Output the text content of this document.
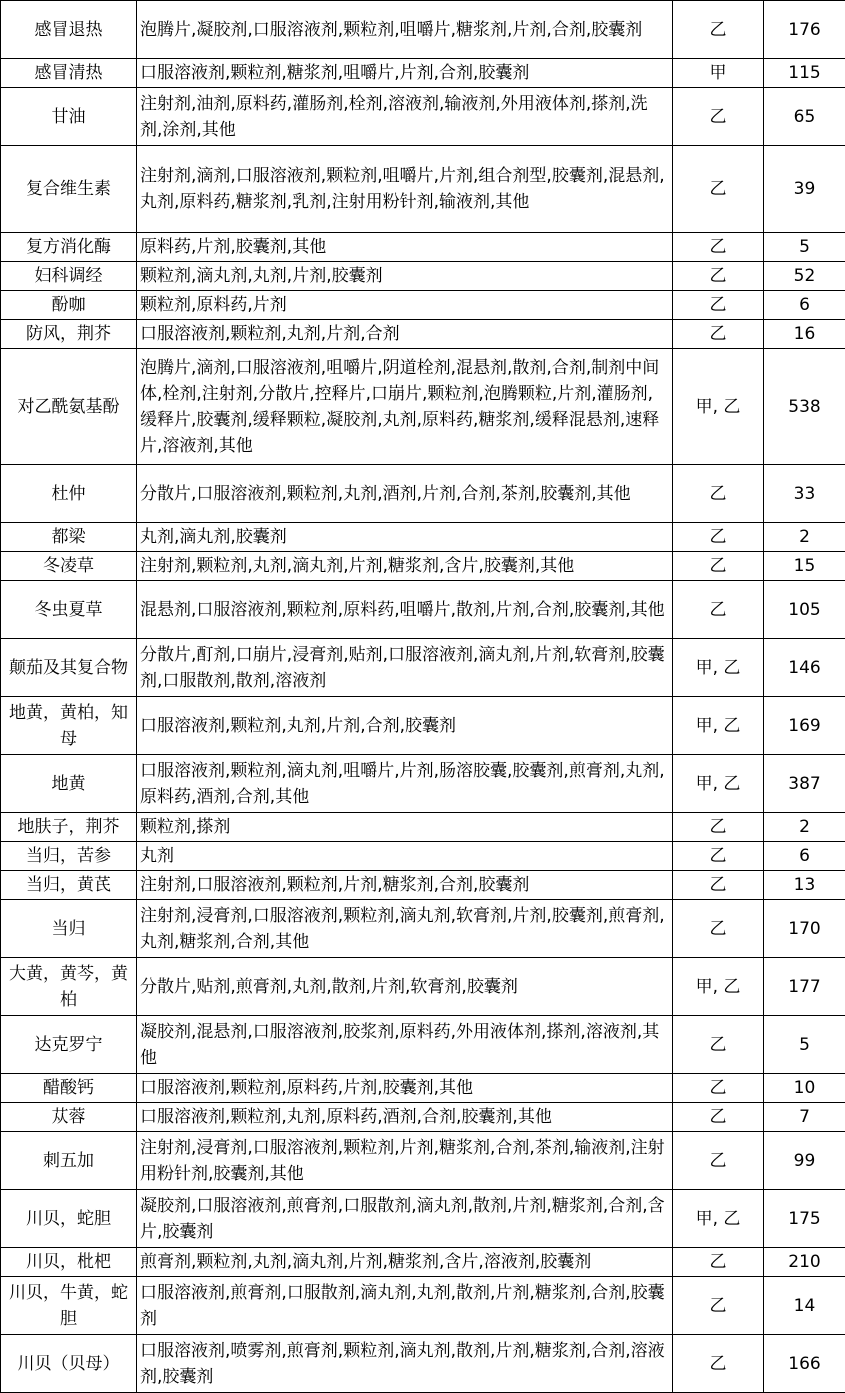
感冒退热	泡腾片,凝胶剂,口服溶液剂,颗粒剂,咀嚼片,糖浆剂,片剂,合剂,胶囊剂	乙	176
感冒清热	口服溶液剂,颗粒剂,糖浆剂,咀嚼片,片剂,合剂,胶囊剂	甲	115
甘油	注射剂,油剂,原料药,灌肠剂,栓剂,溶液剂,输液剂,外用液体剂,搽剂,洗剂,涂剂,其他	乙	65
复合维生素	注射剂,滴剂,口服溶液剂,颗粒剂,咀嚼片,片剂,组合剂型,胶囊剂,混悬剂,丸剂,原料药,糖浆剂,乳剂,注射用粉针剂,输液剂,其他	乙	39
复方消化酶	原料药,片剂,胶囊剂,其他	乙	5
妇科调经	颗粒剂,滴丸剂,丸剂,片剂,胶囊剂	乙	52
酚咖	颗粒剂,原料药,片剂	乙	6
防风，荆芥	口服溶液剂,颗粒剂,丸剂,片剂,合剂	乙	16
对乙酰氨基酚	泡腾片,滴剂,口服溶液剂,咀嚼片,阴道栓剂,混悬剂,散剂,合剂,制剂中间体,栓剂,注射剂,分散片,控释片,口崩片,颗粒剂,泡腾颗粒,片剂,灌肠剂,缓释片,胶囊剂,缓释颗粒,凝胶剂,丸剂,原料药,糖浆剂,缓释混悬剂,速释片,溶液剂,其他	甲, 乙	538
杜仲	分散片,口服溶液剂,颗粒剂,丸剂,酒剂,片剂,合剂,茶剂,胶囊剂,其他	乙	33
都梁	丸剂,滴丸剂,胶囊剂	乙	2
冬凌草	注射剂,颗粒剂,丸剂,滴丸剂,片剂,糖浆剂,含片,胶囊剂,其他	乙	15
冬虫夏草	混悬剂,口服溶液剂,颗粒剂,原料药,咀嚼片,散剂,片剂,合剂,胶囊剂,其他	乙	105
颠茄及其复合物	分散片,酊剂,口崩片,浸膏剂,贴剂,口服溶液剂,滴丸剂,片剂,软膏剂,胶囊剂,口服散剂,散剂,溶液剂	甲, 乙	146
地黄，黄柏，知母	口服溶液剂,颗粒剂,丸剂,片剂,合剂,胶囊剂	甲, 乙	169
地黄	口服溶液剂,颗粒剂,滴丸剂,咀嚼片,片剂,肠溶胶囊,胶囊剂,煎膏剂,丸剂,原料药,酒剂,合剂,其他	甲, 乙	387
地肤子，荆芥	颗粒剂,搽剂	乙	2
当归，苦参	丸剂	乙	6
当归，黄芪	注射剂,口服溶液剂,颗粒剂,片剂,糖浆剂,合剂,胶囊剂	乙	13
当归	注射剂,浸膏剂,口服溶液剂,颗粒剂,滴丸剂,软膏剂,片剂,胶囊剂,煎膏剂,丸剂,糖浆剂,合剂,其他	乙	170
大黄，黄芩，黄柏	分散片,贴剂,煎膏剂,丸剂,散剂,片剂,软膏剂,胶囊剂	甲, 乙	177
达克罗宁	凝胶剂,混悬剂,口服溶液剂,胶浆剂,原料药,外用液体剂,搽剂,溶液剂,其他	乙	5
醋酸钙	口服溶液剂,颗粒剂,原料药,片剂,胶囊剂,其他	乙	10
苁蓉	口服溶液剂,颗粒剂,丸剂,原料药,酒剂,合剂,胶囊剂,其他	乙	7
刺五加	注射剂,浸膏剂,口服溶液剂,颗粒剂,片剂,糖浆剂,合剂,茶剂,输液剂,注射用粉针剂,胶囊剂,其他	乙	99
川贝，蛇胆	凝胶剂,口服溶液剂,煎膏剂,口服散剂,滴丸剂,散剂,片剂,糖浆剂,合剂,含片,胶囊剂	甲, 乙	175
川贝，枇杷	煎膏剂,颗粒剂,丸剂,滴丸剂,片剂,糖浆剂,含片,溶液剂,胶囊剂	乙	210
川贝，牛黄，蛇胆	口服溶液剂,煎膏剂,口服散剂,滴丸剂,丸剂,散剂,片剂,糖浆剂,合剂,胶囊剂	乙	14
川贝（贝母）	口服溶液剂,喷雾剂,煎膏剂,颗粒剂,滴丸剂,散剂,片剂,糖浆剂,合剂,溶液剂,胶囊剂	乙	166
